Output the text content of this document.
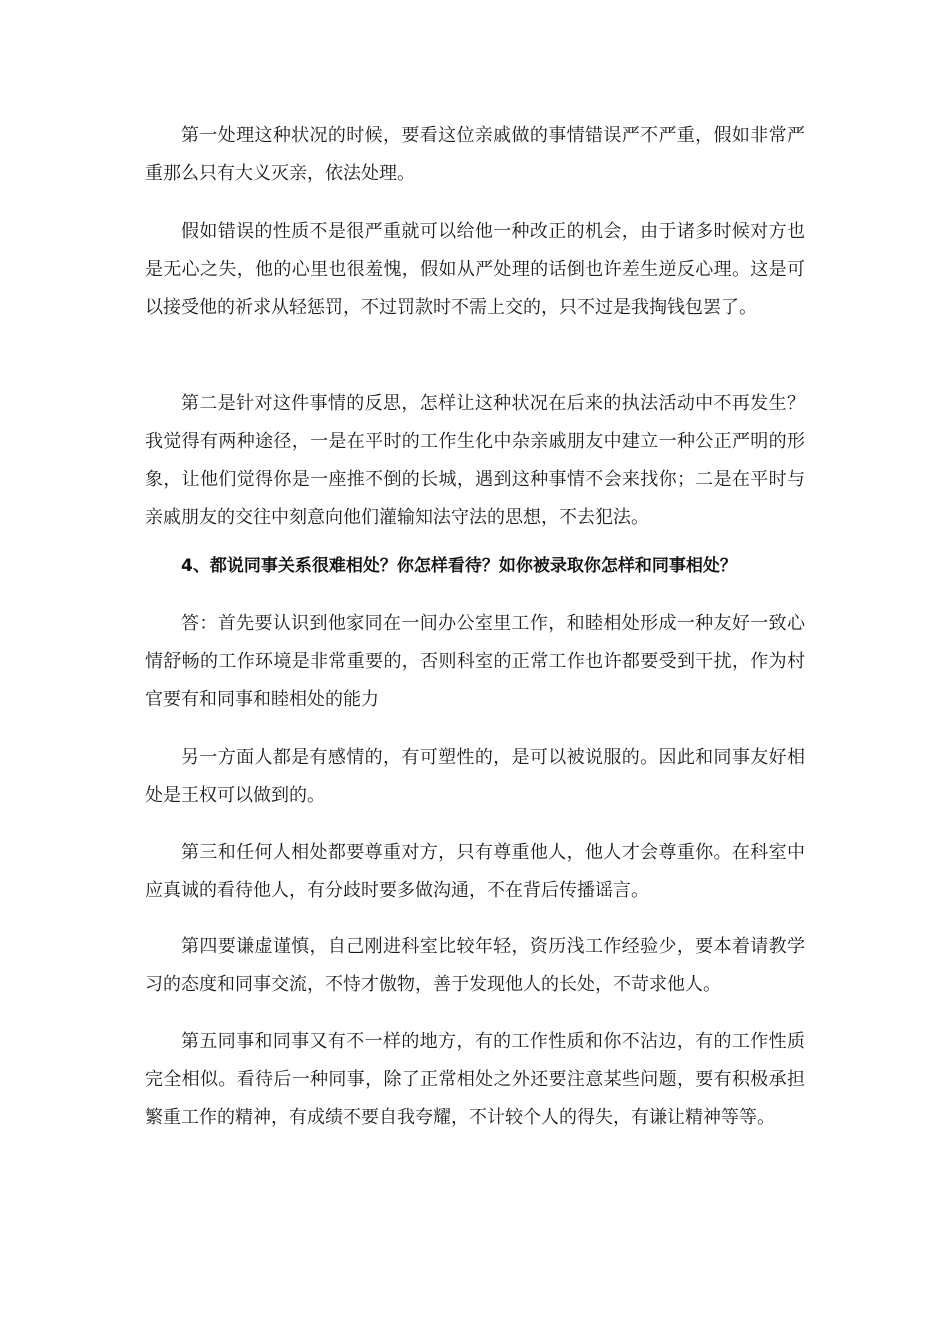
第一处理这种状况的时候，要看这位亲戚做的事情错误严不严重，假如非常严重那么只有大义灭亲，依法处理。

假如错误的性质不是很严重就可以给他一种改正的机会，由于诸多时候对方也是无心之失，他的心里也很羞愧，假如从严处理的话倒也许差生逆反心理。这是可以接受他的祈求从轻惩罚，不过罚款时不需上交的，只不过是我掏钱包罢了。

第二是针对这件事情的反思，怎样让这种状况在后来的执法活动中不再发生？我觉得有两种途径，一是在平时的工作生化中杂亲戚朋友中建立一种公正严明的形象，让他们觉得你是一座推不倒的长城，遇到这种事情不会来找你；二是在平时与亲戚朋友的交往中刻意向他们灌输知法守法的思想，不去犯法。

4、都说同事关系很难相处？你怎样看待？如你被录取你怎样和同事相处？

答：首先要认识到他家同在一间办公室里工作，和睦相处形成一种友好一致心情舒畅的工作环境是非常重要的，否则科室的正常工作也许都要受到干扰，作为村官要有和同事和睦相处的能力

另一方面人都是有感情的，有可塑性的，是可以被说服的。因此和同事友好相处是王权可以做到的。

第三和任何人相处都要尊重对方，只有尊重他人，他人才会尊重你。在科室中应真诚的看待他人，有分歧时要多做沟通，不在背后传播谣言。

第四要谦虚谨慎，自己刚进科室比较年轻，资历浅工作经验少，要本着请教学习的态度和同事交流，不恃才傲物，善于发现他人的长处，不苛求他人。

第五同事和同事又有不一样的地方，有的工作性质和你不沾边，有的工作性质完全相似。看待后一种同事，除了正常相处之外还要注意某些问题，要有积极承担繁重工作的精神，有成绩不要自我夸耀，不计较个人的得失，有谦让精神等等。
